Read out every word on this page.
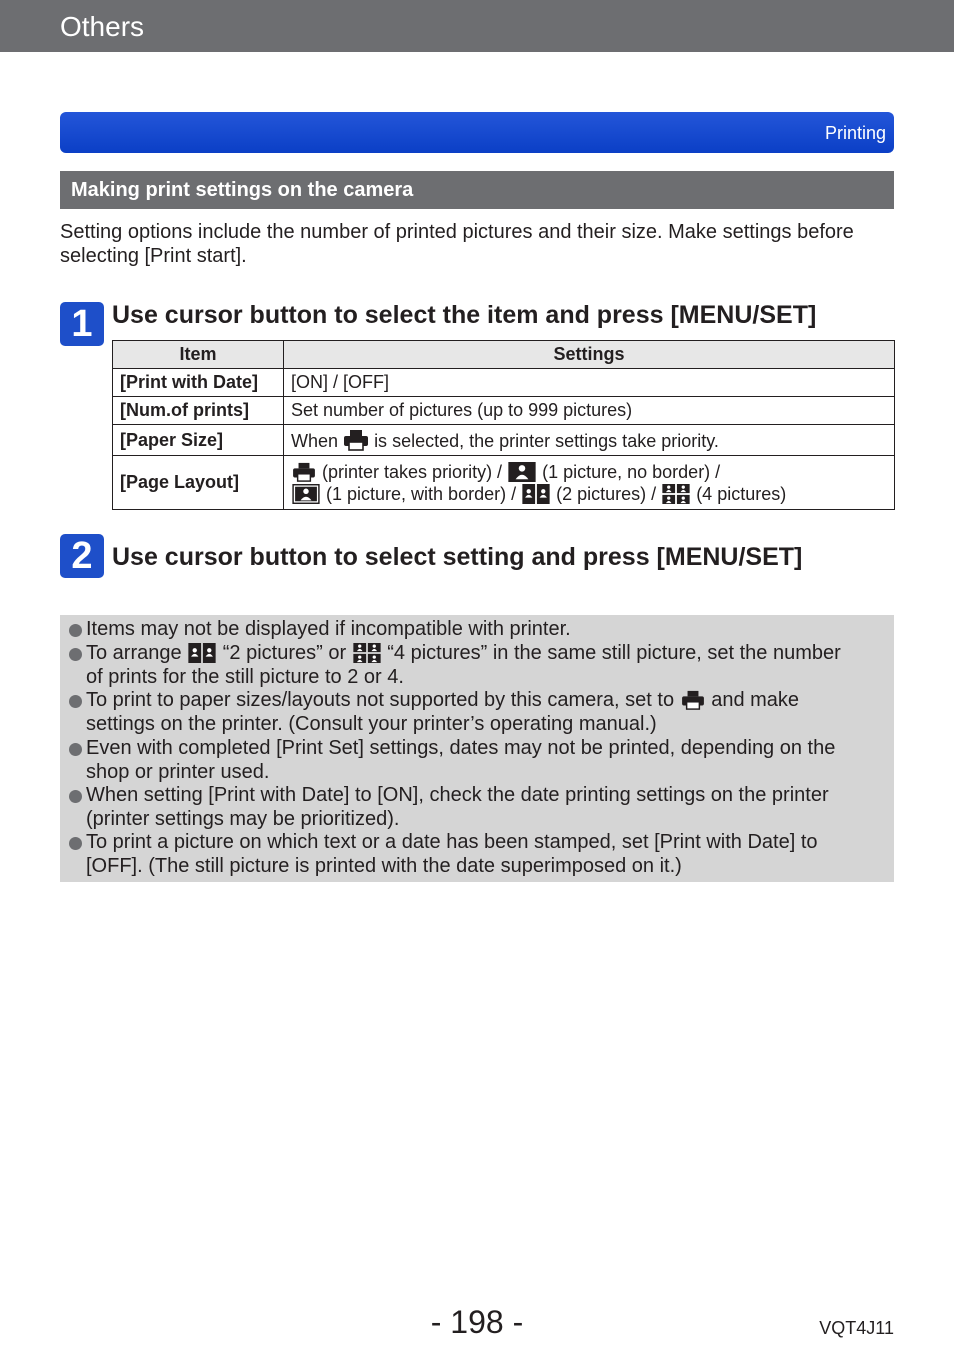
Others
Printing
Making print settings on the camera
Setting options include the number of printed pictures and their size. Make settings before selecting [Print start].
1 Use cursor button to select the item and press [MENU/SET]
Item	Settings
[Print with Date]	[ON] / [OFF]
[Num.of prints]	Set number of pictures (up to 999 pictures)
[Paper Size]	When is selected, the printer settings take priority.
[Page Layout]	(printer takes priority) / (1 picture, no border) /
(1 picture, with border) / (2 pictures) / (4 pictures)
2 Use cursor button to select setting and press [MENU/SET]
Items may not be displayed if incompatible with printer.
To arrange “2 pictures” or “4 pictures” in the same still picture, set the number
of prints for the still picture to 2 or 4.
To print to paper sizes/layouts not supported by this camera, set to and make
settings on the printer. (Consult your printer’s operating manual.)
Even with completed [Print Set] settings, dates may not be printed, depending on the
shop or printer used.
When setting [Print with Date] to [ON], check the date printing settings on the printer
(printer settings may be prioritized).
To print a picture on which text or a date has been stamped, set [Print with Date] to
[OFF]. (The still picture is printed with the date superimposed on it.)
- 198 -	VQT4J11
